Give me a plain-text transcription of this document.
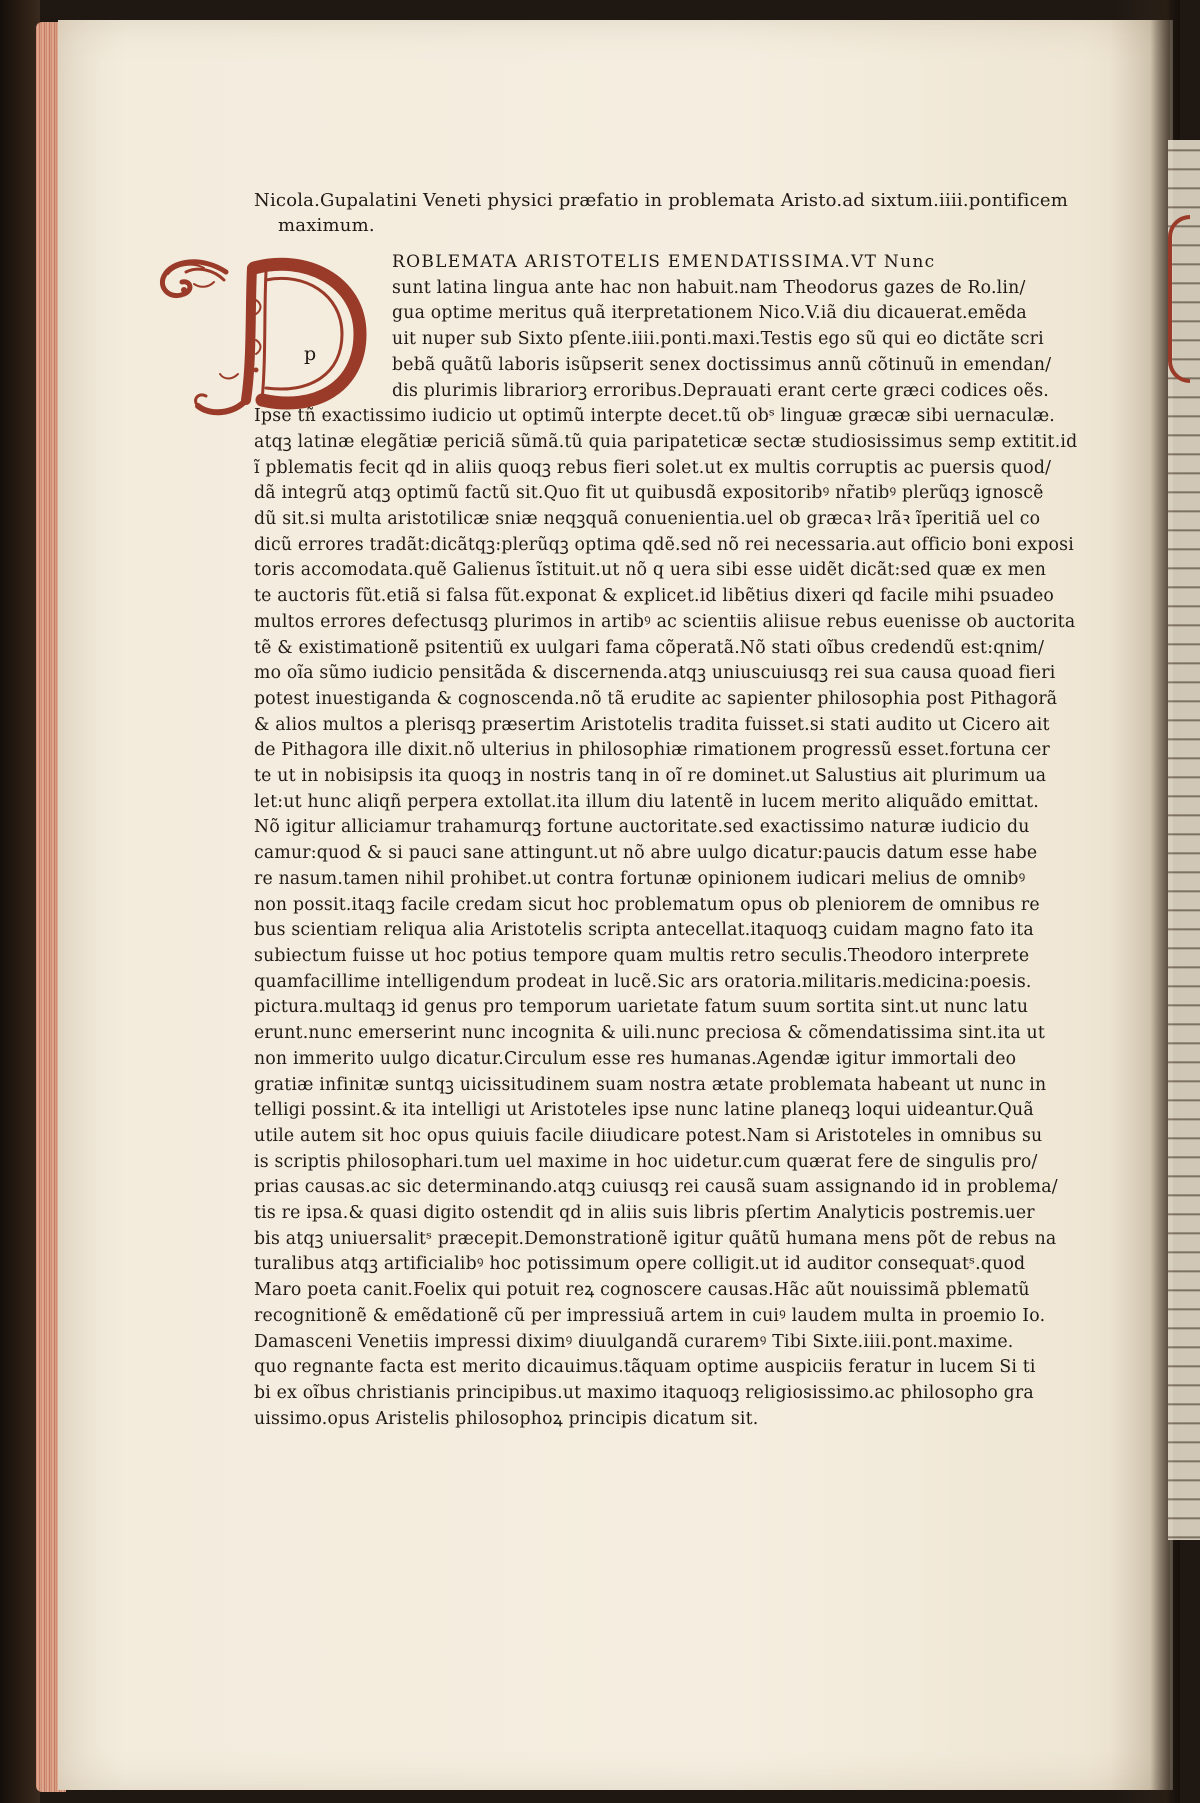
Nicola.Gupalatini Veneti physici præfatio in problemata Aristo.ad sixtum.iiii.pontificem
maximum.
p
ROBLEMATA ARISTOTELIS EMENDATISSIMA.VT Nunc
sunt latina lingua ante hac non habuit.nam Theodorus gazes de Ro.lin/
gua optime meritus quã iterpretationem Nico.V.iã diu dicauerat.emẽda
uit nuper sub Sixto pſente.iiii.ponti.maxi.Testis ego sũ qui eo dictãte scri
bebã quãtũ laboris isũpserit senex doctissimus annũ cõtinuũ in emendan/
dis plurimis librariorꝫ erroribus.Deprauati erant certe græci codices oẽs.
Ipse tñ exactissimo iudicio ut optimũ interpte decet.tũ obˢ linguæ græcæ sibi uernaculæ.
atqꝫ latinæ elegãtiæ periciã sũmã.tũ quia paripateticæ sectæ studiosissimus semp extitit.id
ĩ pblematis fecit qd in aliis quoqꝫ rebus fieri solet.ut ex multis corruptis ac puersis quod/
dã integrũ atqꝫ optimũ factũ sit.Quo fit ut quibusdã expositoribꝰ nr̃atibꝰ plerũqꝫ ignoscẽ
dũ sit.si multa aristotilicæ sniæ neqꝫquã conuenientia.uel ob græcaꝛ lrãꝛ ĩperitiã uel co
dicũ errores tradãt:dicãtqꝫ:plerũqꝫ optima qdẽ.sed nõ rei necessaria.aut officio boni exposi
toris accomodata.quẽ Galienus ĩstituit.ut nõ q uera sibi esse uidẽt dicãt:sed quæ ex men
te auctoris fũt.etiã si falsa fũt.exponat & explicet.id libẽtius dixeri qd facile mihi psuadeo
multos errores defectusqꝫ plurimos in artibꝰ ac scientiis aliisue rebus euenisse ob auctorita
tẽ & existimationẽ psitentiũ ex uulgari fama cõperatã.Nõ stati oĩbus credendũ est:qnim/
mo oĩa sũmo iudicio pensitãda & discernenda.atqꝫ uniuscuiusqꝫ rei sua causa quoad fieri
potest inuestiganda & cognoscenda.nõ tã erudite ac sapienter philosophia post Pithagorã
& alios multos a plerisqꝫ præsertim Aristotelis tradita fuisset.si stati audito ut Cicero ait
de Pithagora ille dixit.nõ ulterius in philosophiæ rimationem progressũ esset.fortuna cer
te ut in nobisipsis ita quoqꝫ in nostris tanq in oĩ re dominet.ut Salustius ait plurimum ua
let:ut hunc aliqñ perpera extollat.ita illum diu latentẽ in lucem merito aliquãdo emittat.
Nõ igitur alliciamur trahamurqꝫ fortune auctoritate.sed exactissimo naturæ iudicio du
camur:quod & si pauci sane attingunt.ut nõ abre uulgo dicatur:paucis datum esse habe
re nasum.tamen nihil prohibet.ut contra fortunæ opinionem iudicari melius de omnibꝰ
non possit.itaqꝫ facile credam sicut hoc problematum opus ob pleniorem de omnibus re
bus scientiam reliqua alia Aristotelis scripta antecellat.itaquoqꝫ cuidam magno fato ita
subiectum fuisse ut hoc potius tempore quam multis retro seculis.Theodoro interprete
quamfacillime intelligendum prodeat in lucẽ.Sic ars oratoria.militaris.medicina:poesis.
pictura.multaqꝫ id genus pro temporum uarietate fatum suum sortita sint.ut nunc latu
erunt.nunc emerserint nunc incognita & uili.nunc preciosa & cõmendatissima sint.ita ut
non immerito uulgo dicatur.Circulum esse res humanas.Agendæ igitur immortali deo
gratiæ infinitæ suntqꝫ uicissitudinem suam nostra ætate problemata habeant ut nunc in
telligi possint.& ita intelligi ut Aristoteles ipse nunc latine planeqꝫ loqui uideantur.Quã
utile autem sit hoc opus quiuis facile diiudicare potest.Nam si Aristoteles in omnibus su
is scriptis philosophari.tum uel maxime in hoc uidetur.cum quærat fere de singulis pro/
prias causas.ac sic determinando.atqꝫ cuiusqꝫ rei causã suam assignando id in problema/
tis re ipsa.& quasi digito ostendit qd in aliis suis libris pſertim Analyticis postremis.uer
bis atqꝫ uniuersalitˢ præcepit.Demonstrationẽ igitur quãtũ humana mens põt de rebus na
turalibus atqꝫ artificialibꝰ hoc potissimum opere colligit.ut id auditor consequatˢ.quod
Maro poeta canit.Foelix qui potuit reꝝ cognoscere causas.Hãc aũt nouissimã pblematũ
recognitionẽ & emẽdationẽ cũ per impressiuã artem in cuiꝰ laudem multa in proemio Io.
Damasceni Venetiis impressi diximꝰ diuulgandã curaremꝰ Tibi Sixte.iiii.pont.maxime.
quo regnante facta est merito dicauimus.tãquam optime auspiciis feratur in lucem Si ti
bi ex oĩbus christianis principibus.ut maximo itaquoqꝫ religiosissimo.ac philosopho gra
uissimo.opus Aristelis philosophoꝝ principis dicatum sit.
